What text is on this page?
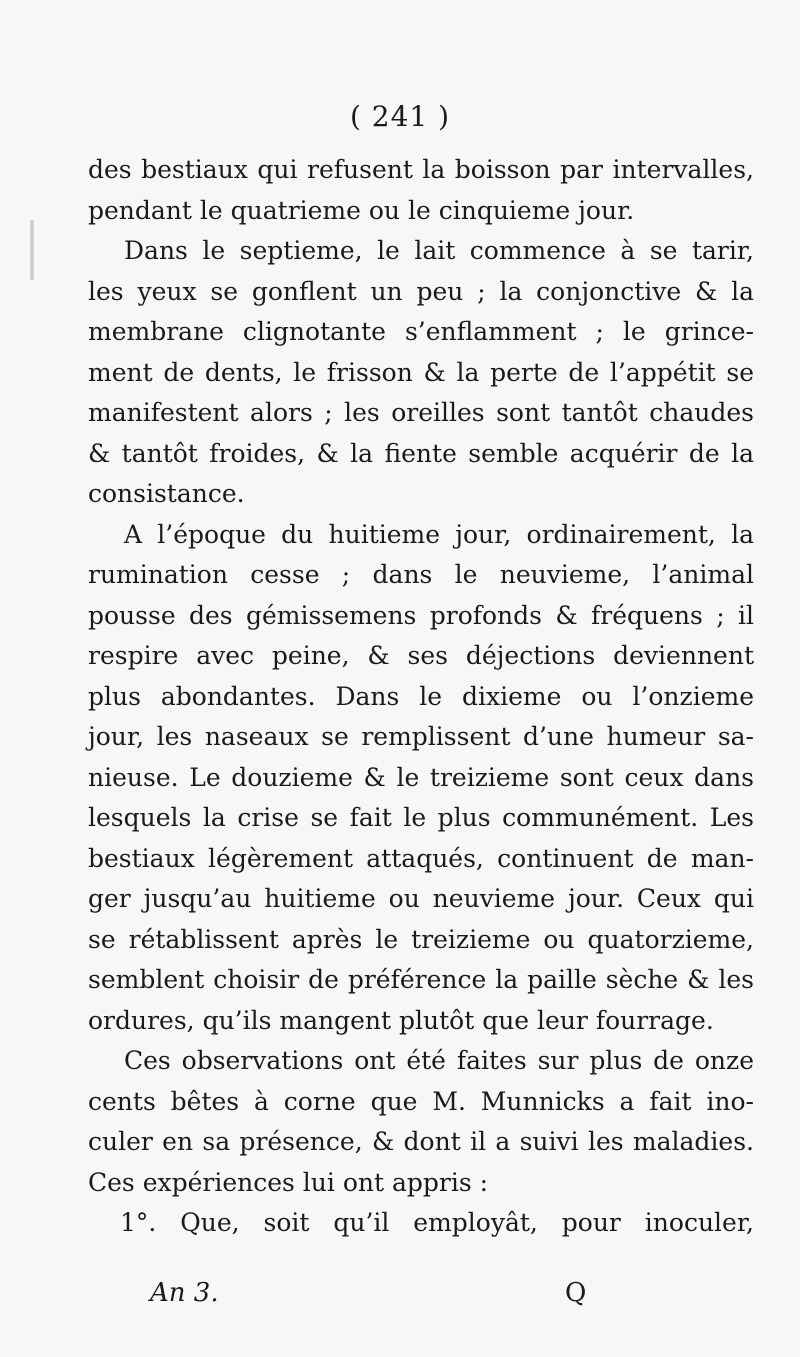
( 241 )
des bestiaux qui refusent la boisson par intervalles,
pendant le quatrieme ou le cinquieme jour.
Dans le septieme, le lait commence à se tarir,
les yeux se gonflent un peu ; la conjonctive & la
membrane clignotante s’enflamment ; le grince-
ment de dents, le frisson & la perte de l’appétit se
manifestent alors ; les oreilles sont tantôt chaudes
& tantôt froides, & la fiente semble acquérir de la
consistance.
A l’époque du huitieme jour, ordinairement, la
rumination cesse ; dans le neuvieme, l’animal
pousse des gémissemens profonds & fréquens ; il
respire avec peine, & ses déjections deviennent
plus abondantes. Dans le dixieme ou l’onzieme
jour, les naseaux se remplissent d’une humeur sa-
nieuse. Le douzieme & le treizieme sont ceux dans
lesquels la crise se fait le plus communément. Les
bestiaux légèrement attaqués, continuent de man-
ger jusqu’au huitieme ou neuvieme jour. Ceux qui
se rétablissent après le treizieme ou quatorzieme,
semblent choisir de préférence la paille sèche & les
ordures, qu’ils mangent plutôt que leur fourrage.
Ces observations ont été faites sur plus de onze
cents bêtes à corne que M. Munnicks a fait ino-
culer en sa présence, & dont il a suivi les maladies.
Ces expériences lui ont appris :
1°. Que, soit qu’il employât, pour inoculer,
An 3.	Q
